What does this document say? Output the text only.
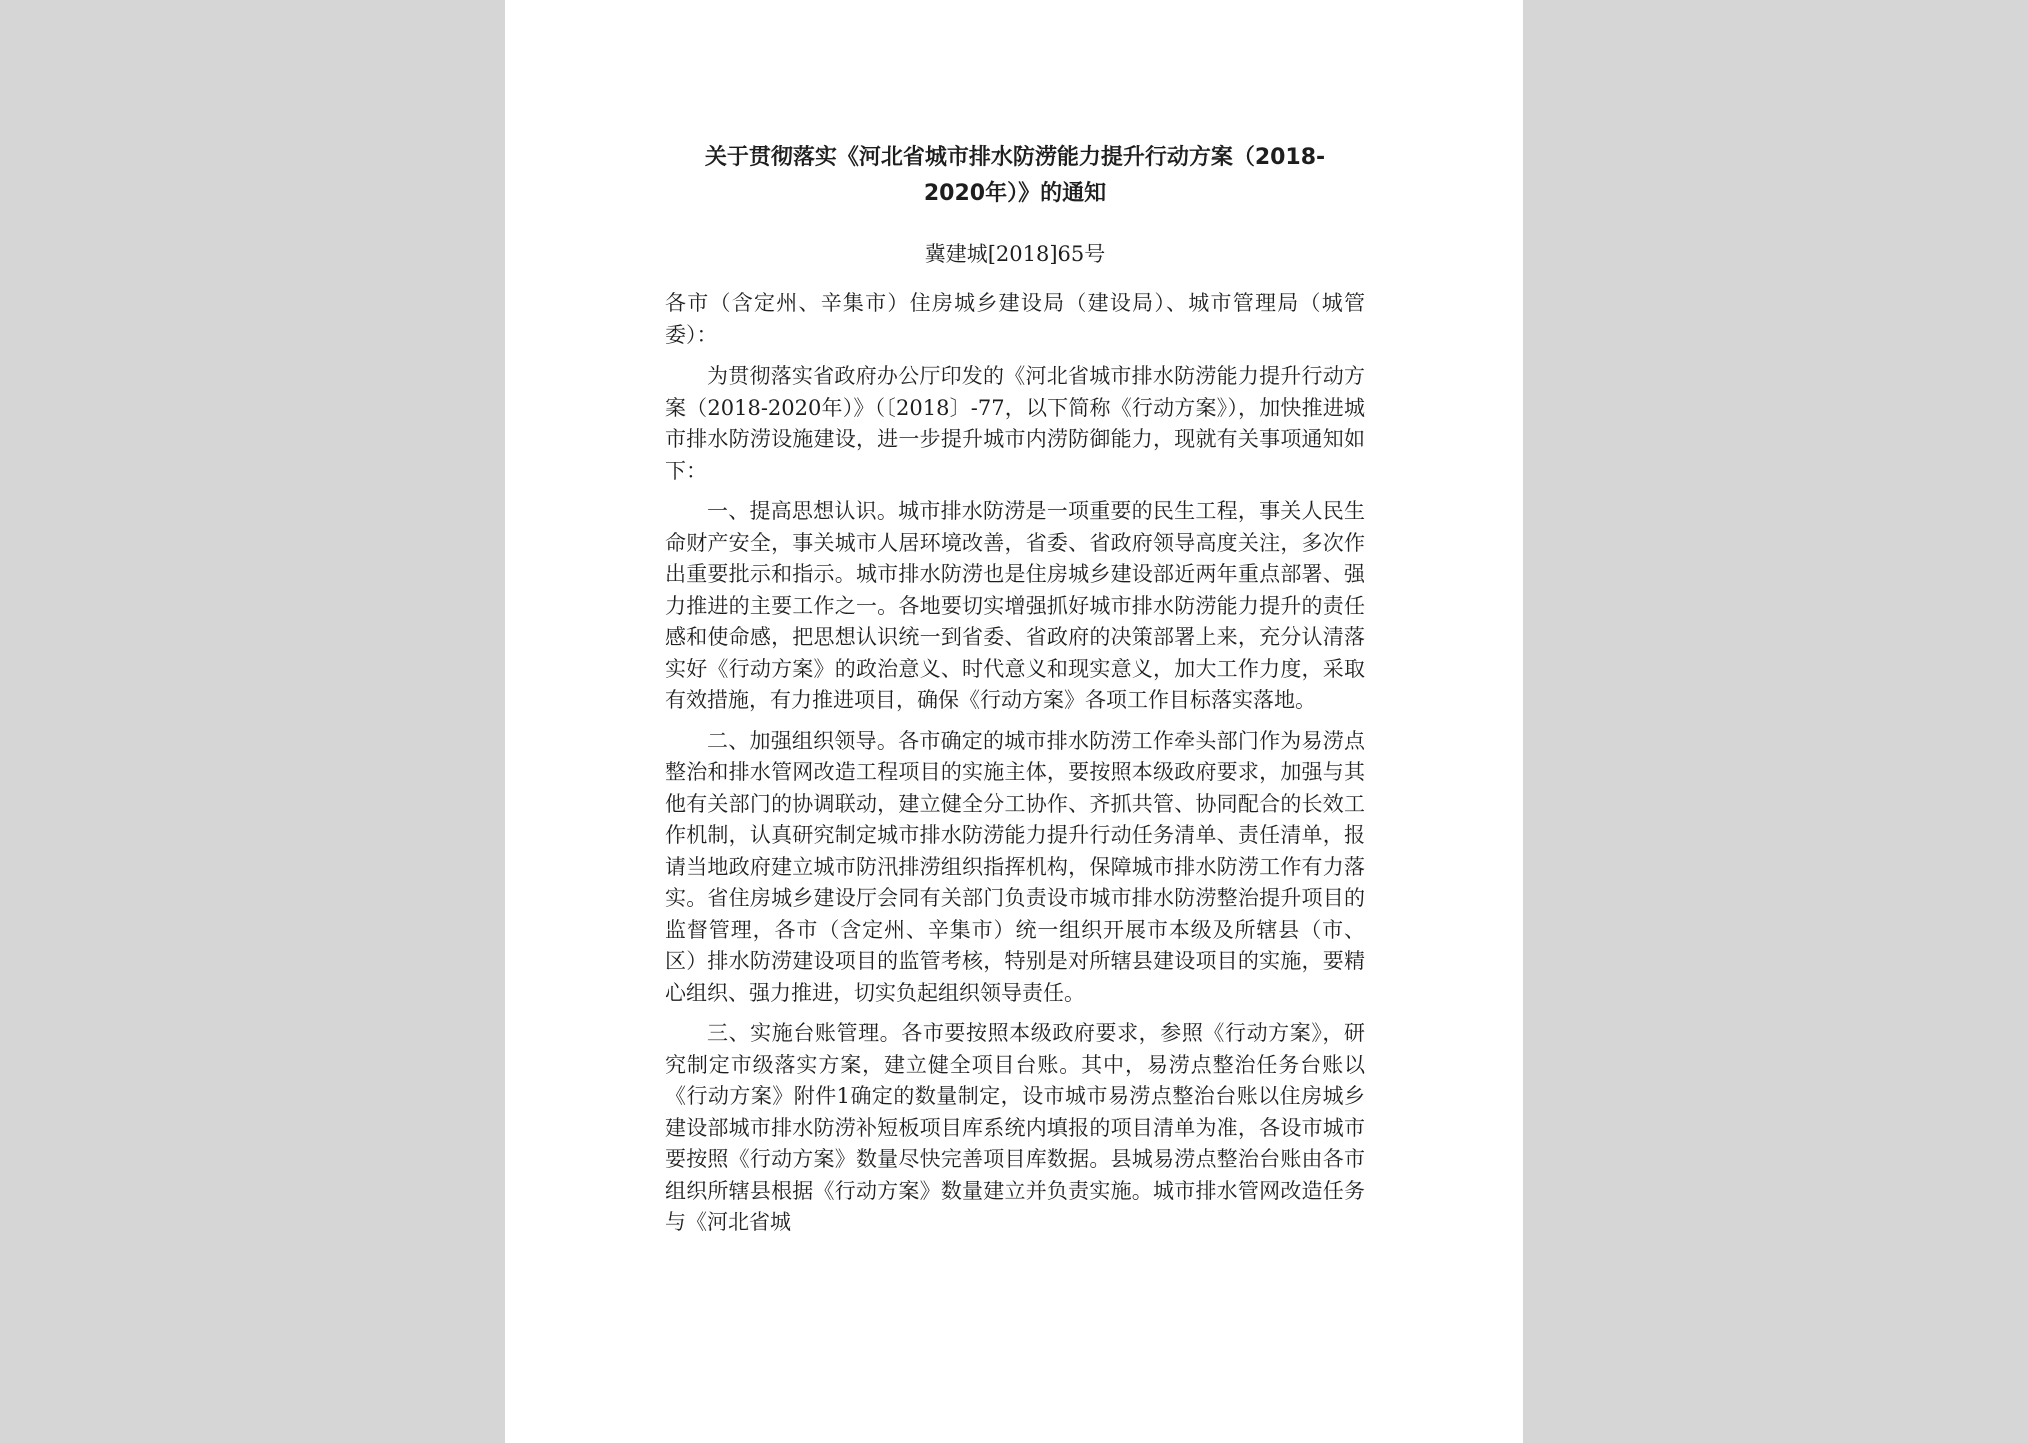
关于贯彻落实《河北省城市排水防涝能力提升行动方案（2018-
2020年）》的通知
冀建城[2018]65号

各市（含定州、辛集市）住房城乡建设局（建设局）、城市管理局（城管委）：

为贯彻落实省政府办公厅印发的《河北省城市排水防涝能力提升行动方案（2018-2020年）》（〔2018〕-77，以下简称《行动方案》），加快推进城市排水防涝设施建设，进一步提升城市内涝防御能力，现就有关事项通知如下：

一、提高思想认识。城市排水防涝是一项重要的民生工程，事关人民生命财产安全，事关城市人居环境改善，省委、省政府领导高度关注，多次作出重要批示和指示。城市排水防涝也是住房城乡建设部近两年重点部署、强力推进的主要工作之一。各地要切实增强抓好城市排水防涝能力提升的责任感和使命感，把思想认识统一到省委、省政府的决策部署上来，充分认清落实好《行动方案》的政治意义、时代意义和现实意义，加大工作力度，采取有效措施，有力推进项目，确保《行动方案》各项工作目标落实落地。

二、加强组织领导。各市确定的城市排水防涝工作牵头部门作为易涝点整治和排水管网改造工程项目的实施主体，要按照本级政府要求，加强与其他有关部门的协调联动，建立健全分工协作、齐抓共管、协同配合的长效工作机制，认真研究制定城市排水防涝能力提升行动任务清单、责任清单，报请当地政府建立城市防汛排涝组织指挥机构，保障城市排水防涝工作有力落实。省住房城乡建设厅会同有关部门负责设市城市排水防涝整治提升项目的监督管理，各市（含定州、辛集市）统一组织开展市本级及所辖县（市、区）排水防涝建设项目的监管考核，特别是对所辖县建设项目的实施，要精心组织、强力推进，切实负起组织领导责任。

三、实施台账管理。各市要按照本级政府要求，参照《行动方案》，研究制定市级落实方案，建立健全项目台账。其中，易涝点整治任务台账以《行动方案》附件1确定的数量制定，设市城市易涝点整治台账以住房城乡建设部城市排水防涝补短板项目库系统内填报的项目清单为准，各设市城市要按照《行动方案》数量尽快完善项目库数据。县城易涝点整治台账由各市组织所辖县根据《行动方案》数量建立并负责实施。城市排水管网改造任务与《河北省城
